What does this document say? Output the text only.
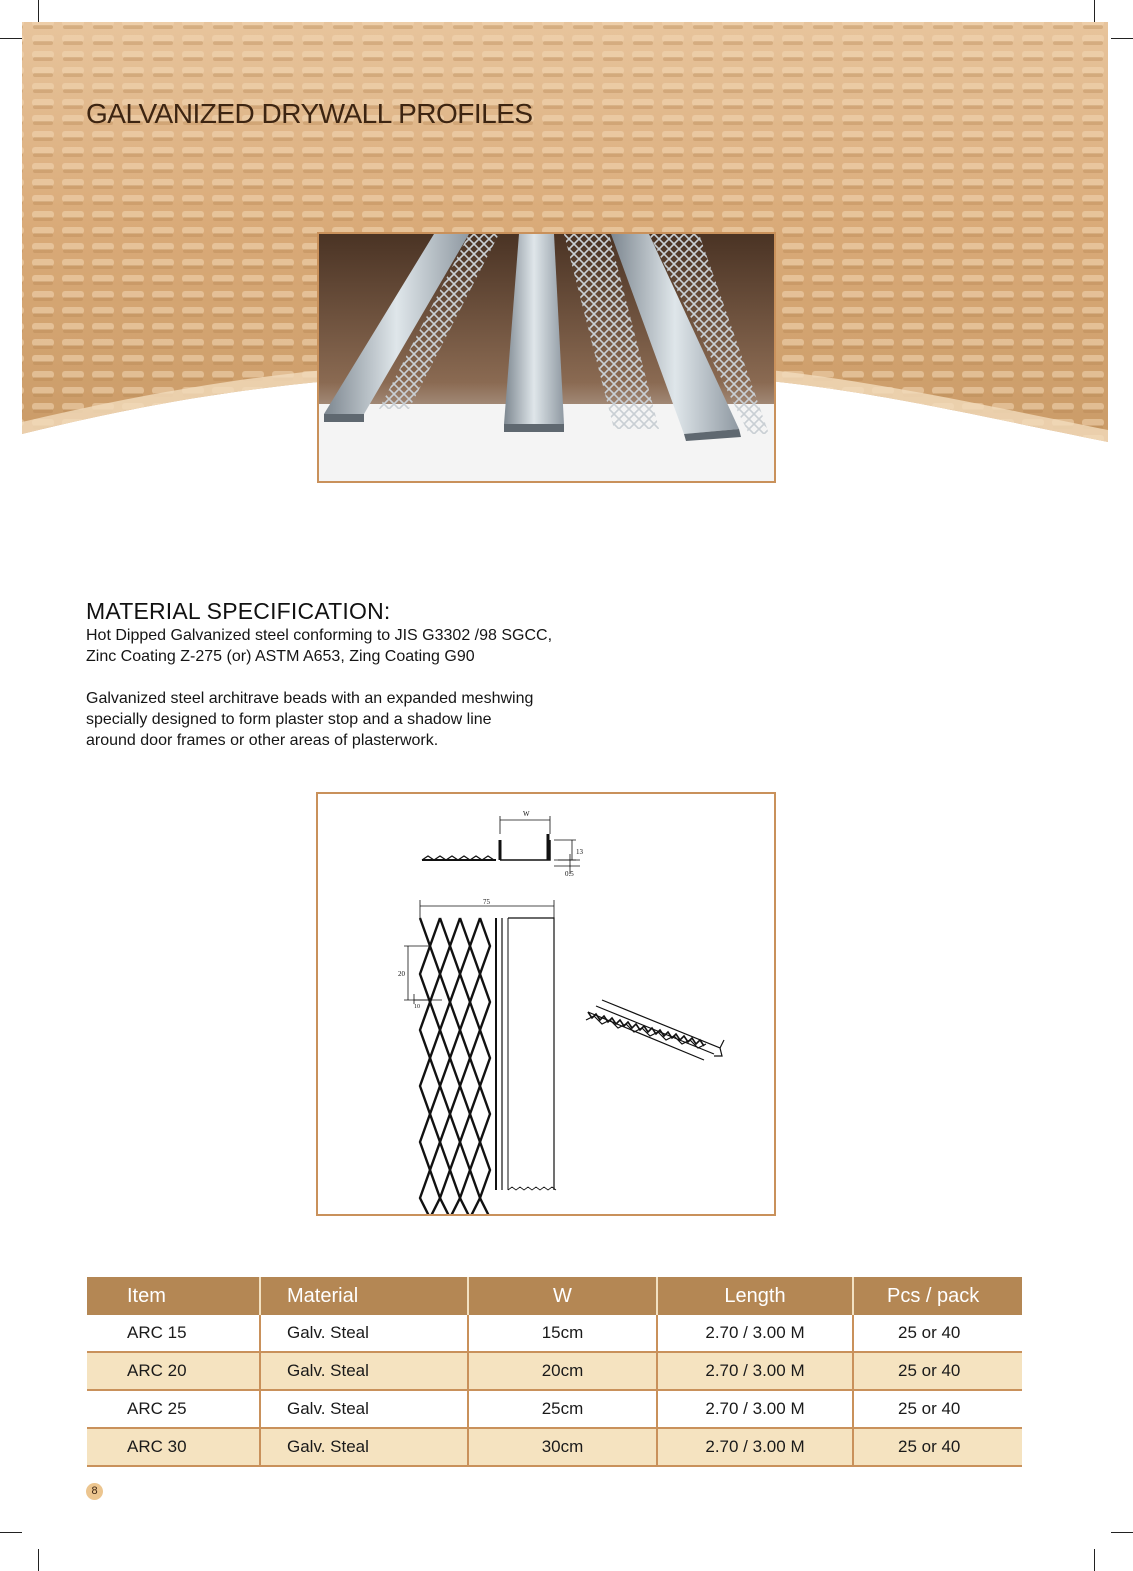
GALVANIZED DRYWALL PROFILES
MATERIAL SPECIFICATION:

Hot Dipped Galvanized steel conforming to JIS G3302 /98 SGCC,

Zinc Coating Z-275 (or) ASTM A653, Zing Coating G90

Galvanized steel architrave beads with an expanded meshwing

specially designed to form plaster stop and a shadow line

around door frames or other areas of plasterwork.

W
13
0.5
75
20
10
Item	Material	W	Length	Pcs / pack
ARC 15	Galv. Steal	15cm	2.70 / 3.00 M	25 or 40
ARC 20	Galv. Steal	20cm	2.70 / 3.00 M	25 or 40
ARC 25	Galv. Steal	25cm	2.70 / 3.00 M	25 or 40
ARC 30	Galv. Steal	30cm	2.70 / 3.00 M	25 or 40
8
